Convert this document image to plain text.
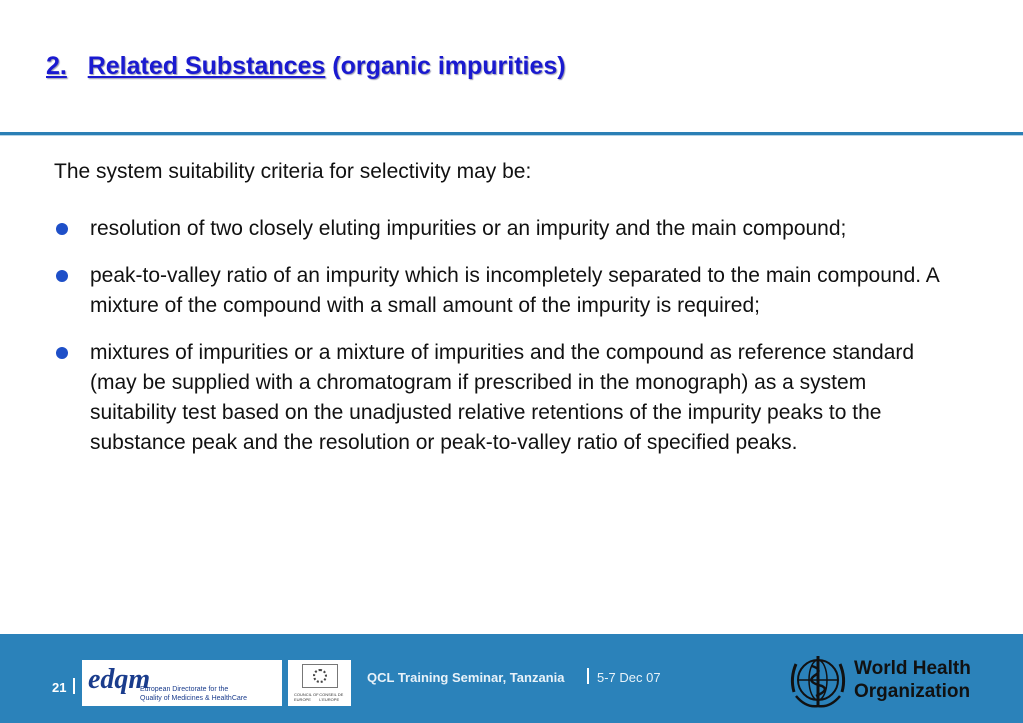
2. Related Substances (organic impurities)

The system suitability criteria for selectivity may be:

resolution of two closely eluting impurities or an impurity and the main compound;
peak-to-valley ratio of an impurity which is incompletely separated to the main compound. A mixture of the compound with a small amount of the impurity is required;
mixtures of impurities or a mixture of impurities and the compound as reference standard (may be supplied with a chromatogram if prescribed in the monograph) as a system suitability test based on the unadjusted relative retentions of the impurity peaks to the substance peak and the resolution or peak-to-valley ratio of specified peaks.
21 edqm
European Directorate for the
Quality of Medicines & HealthCare
COUNCIL OF EUROPE
CONSEIL DE L'EUROPE
QCL Training Seminar, Tanzania	5-7 Dec 07	World Health
Organization
